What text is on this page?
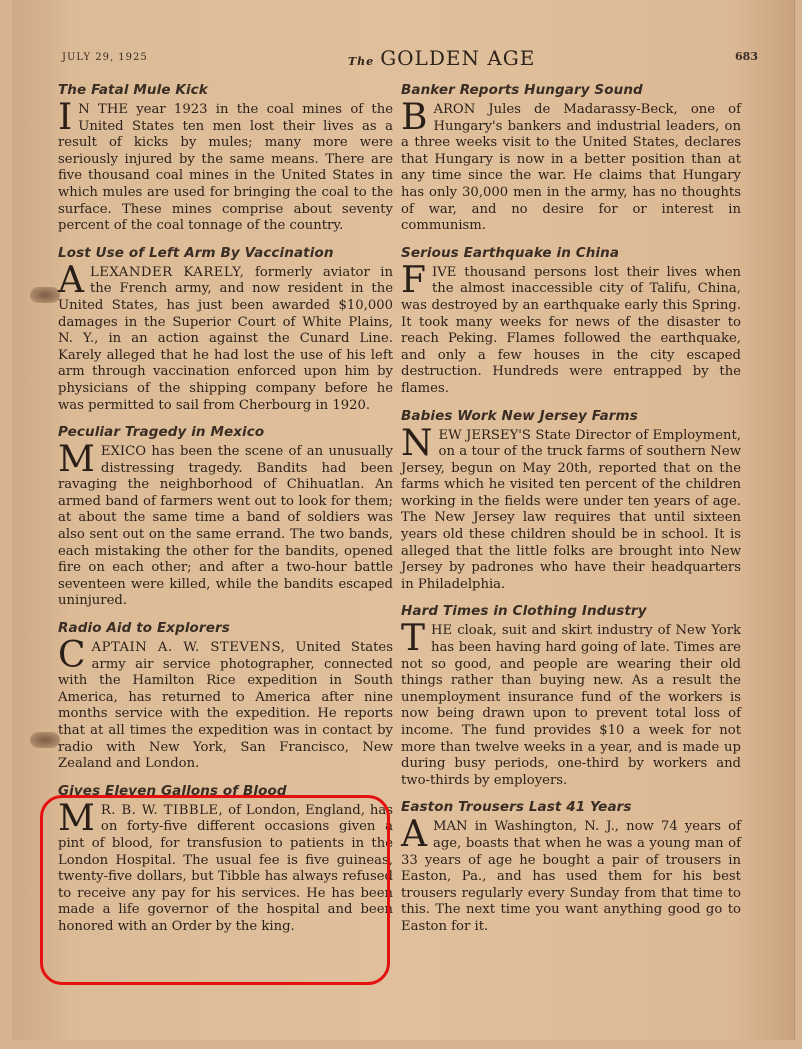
JULY 29, 1925	The GOLDEN AGE	683
The Fatal Mule Kick

I N THE year 1923 in the coal mines of the United States ten men lost their lives as a result of kicks by mules; many more were seriously injured by the same means. There are five thousand coal mines in the United States in which mules are used for bringing the coal to the surface. These mines comprise about seventy percent of the coal tonnage of the country.

Lost Use of Left Arm By Vaccination

ALEXANDER KARELY, formerly aviator in the French army, and now resident in the United States, has just been awarded $10,000 damages in the Superior Court of White Plains, N. Y., in an action against the Cunard Line. Karely alleged that he had lost the use of his left arm through vaccination enforced upon him by physicians of the shipping company before he was permitted to sail from Cherbourg in 1920.

Peculiar Tragedy in Mexico

MEXICO has been the scene of an unusually distressing tragedy. Bandits had been ravaging the neighborhood of Chihuatlan. An armed band of farmers went out to look for them; at about the same time a band of soldiers was also sent out on the same errand. The two bands, each mistaking the other for the bandits, opened fire on each other; and after a two-hour battle seventeen were killed, while the bandits escaped uninjured.

Radio Aid to Explorers

CAPTAIN A. W. STEVENS, United States army air service photographer, connected with the Hamilton Rice expedition in South America, has returned to America after nine months service with the expedition. He reports that at all times the expedition was in contact by radio with New York, San Francisco, New Zealand and London.

Gives Eleven Gallons of Blood

M R. B. W. TIBBLE, of London, England, has on forty-five different occasions given a pint of blood, for transfusion to patients in the London Hospital. The usual fee is five guineas, twenty-five dollars, but Tibble has always refused to receive any pay for his services. He has been made a life governor of the hospital and been honored with an Order by the king.

Banker Reports Hungary Sound

BARON Jules de Madarassy-Beck, one of Hungary's bankers and industrial leaders, on a three weeks visit to the United States, declares that Hungary is now in a better position than at any time since the war. He claims that Hungary has only 30,000 men in the army, has no thoughts of war, and no desire for or interest in communism.

Serious Earthquake in China

FIVE thousand persons lost their lives when the almost inaccessible city of Talifu, China, was destroyed by an earthquake early this Spring. It took many weeks for news of the disaster to reach Peking. Flames followed the earthquake, and only a few houses in the city escaped destruction. Hundreds were entrapped by the flames.

Babies Work New Jersey Farms

NEW JERSEY'S State Director of Employment, on a tour of the truck farms of southern New Jersey, begun on May 20th, reported that on the farms which he visited ten percent of the children working in the fields were under ten years of age. The New Jersey law requires that until sixteen years old these children should be in school. It is alleged that the little folks are brought into New Jersey by padrones who have their headquarters in Philadelphia.

Hard Times in Clothing Industry

THE cloak, suit and skirt industry of New York has been having hard going of late. Times are not so good, and people are wearing their old things rather than buying new. As a result the unemployment insurance fund of the workers is now being drawn upon to prevent total loss of income. The fund provides $10 a week for not more than twelve weeks in a year, and is made up during busy periods, one-third by workers and two-thirds by employers.

Easton Trousers Last 41 Years

A MAN in Washington, N. J., now 74 years of age, boasts that when he was a young man of 33 years of age he bought a pair of trousers in Easton, Pa., and has used them for his best trousers regularly every Sunday from that time to this. The next time you want anything good go to Easton for it.
